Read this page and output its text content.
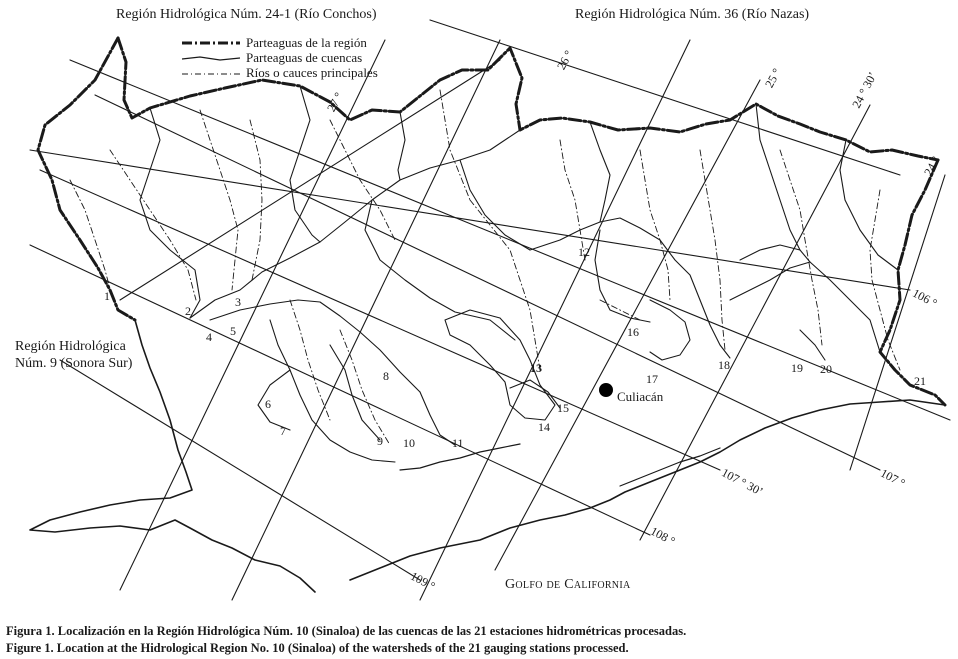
Región Hidrológica Núm. 24-1 (Río Conchos)	Región Hidrológica Núm. 36 (Río Nazas)
Región Hidrológica
Núm. 9 (Sonora Sur)
Golfo de California
Culiacán
Parteaguas de la región
Parteaguas de cuencas
Ríos o cauces principales
27 °
26 °
25 °	24 ° 30’
24 °
106 °
107 °
107 ° 30’
108 °
109 °
1
2
3
4 5
6
7
8
9 10	11
12
13
14
15
16
17
18	19 20
21
Figura 1. Localización en la Región Hidrológica Núm. 10 (Sinaloa) de las cuencas de las 21 estaciones hidrométricas procesadas.
Figure 1. Location at the Hidrological Region No. 10 (Sinaloa) of the watersheds of the 21 gauging stations processed.
